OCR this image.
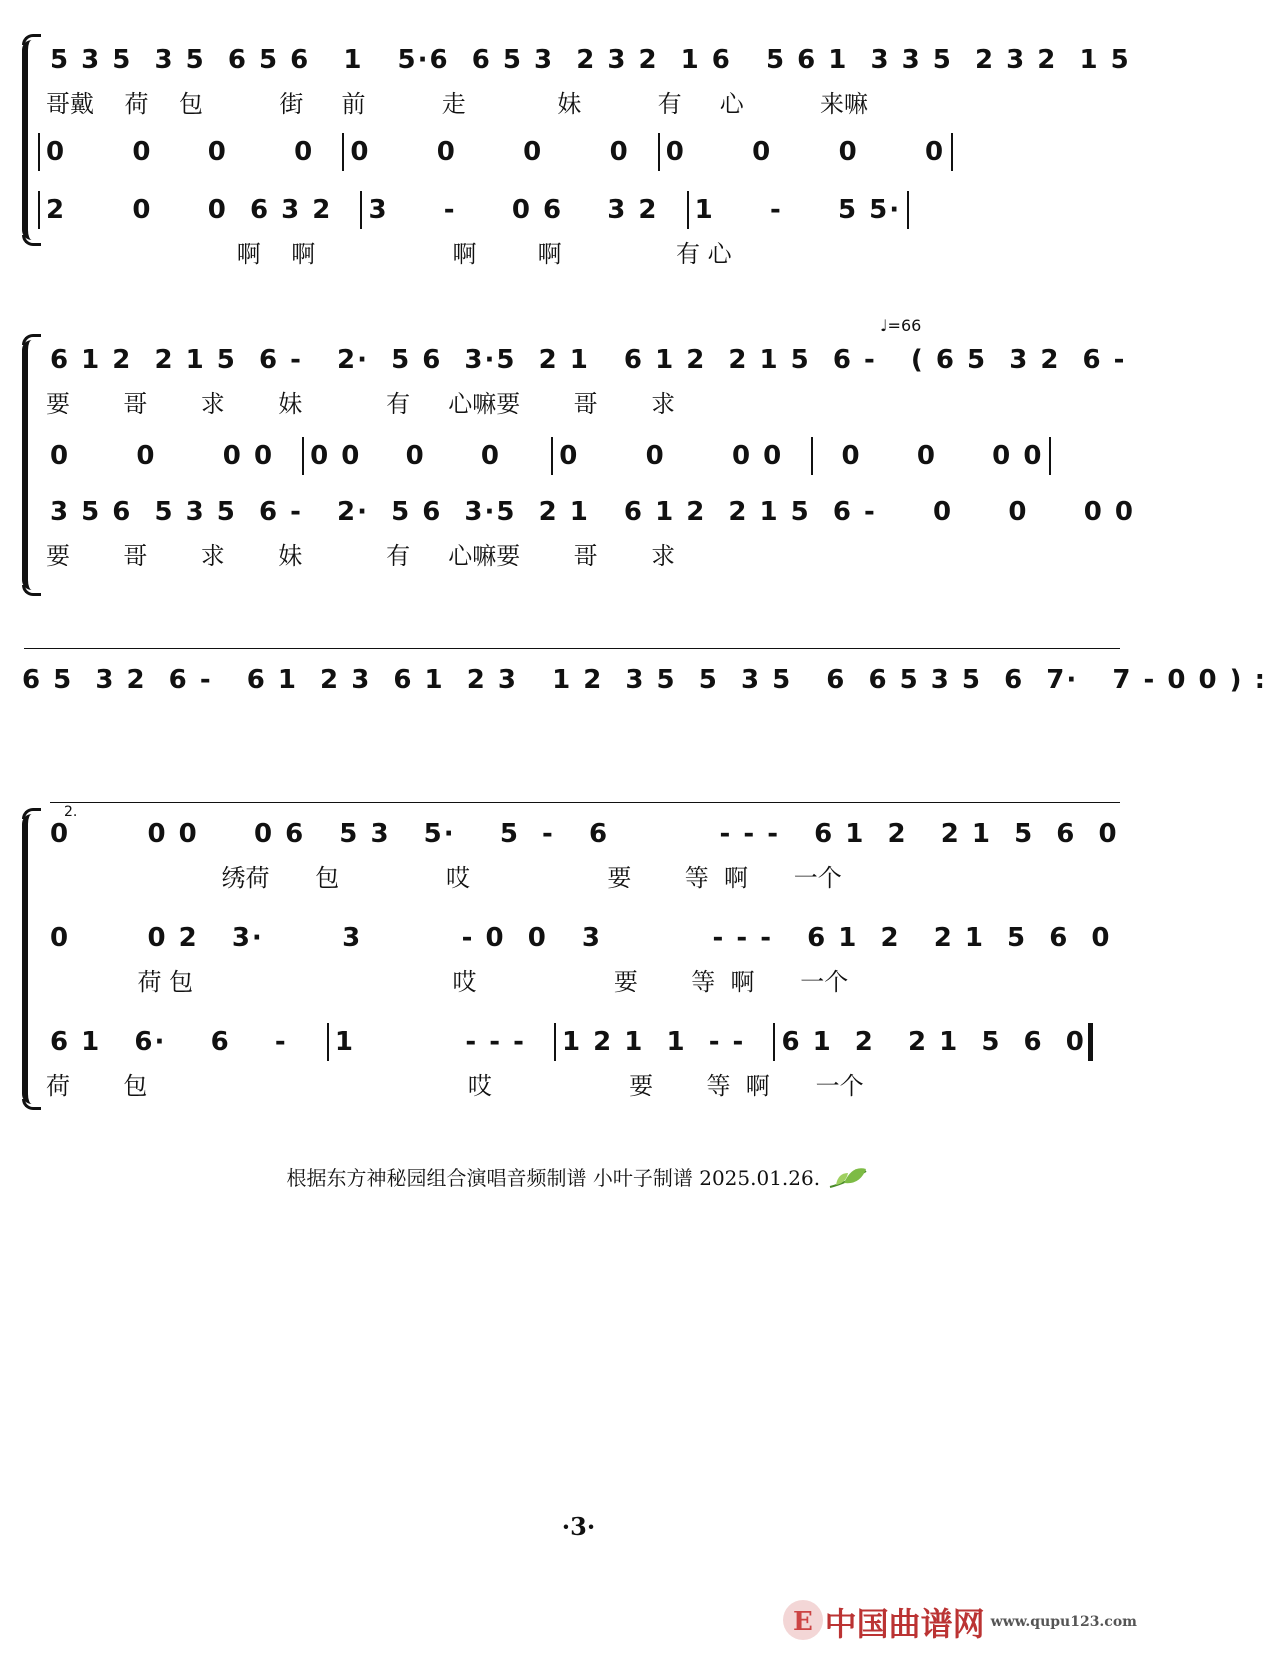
5 3 5  3 5  6 5 6   1 5·6  6 5 3  2 3 2  1 6 5 6 1  3 3 5  2 3 2  1 5
哥戴    荷    包          街     前          走            妹          有     心          来嘛
0      0     0      0 0      0      0      0 0      0      0      0
2      0     0  6 3 2 3     -     0 6    3 2 1     -     5 5·
啊    啊                  啊        啊               有 心
♩=66
6 1 2  2 1 5  6 - 2·  5 6  3·5  2 1 6 1 2  2 1 5  6 - ( 6 5  3 2  6 -
要       哥       求       妹           有     心嘛要       哥       求
0      0      0 0 0 0    0     0 0      0      0 0 0     0     0 0
3 5 6  5 3 5  6 - 2·  5 6  3·5  2 1 6 1 2  2 1 5  6 - 0     0     0 0
要       哥       求       妹           有     心嘛要       哥       求
6 5  3 2  6 - 6 1  2 3  6 1  2 3 1 2  3 5  5  3 5 6  6 5 3 5  6  7· 7 - 0 0 ) :
2.
0       0 0     0 6 5 3   5·    5  - 6          - - - 6 1  2   2 1  5  6  0
绣荷      包              哎                  要       等  啊      一个
0       0 2   3· 3         - 0  0 3          - - - 6 1  2   2 1  5  6  0
荷 包                                  哎                  要       等  啊      一个
6 1   6·    6    - 1          - - - 1 2 1  1  - - 6 1  2   2 1  5  6  0
荷       包                                          哎                  要       等  啊      一个
根据东方神秘园组合演唱音频制谱 小叶子制谱 2025.01.26.
·3·
E 中国曲谱网 www.qupu123.com
